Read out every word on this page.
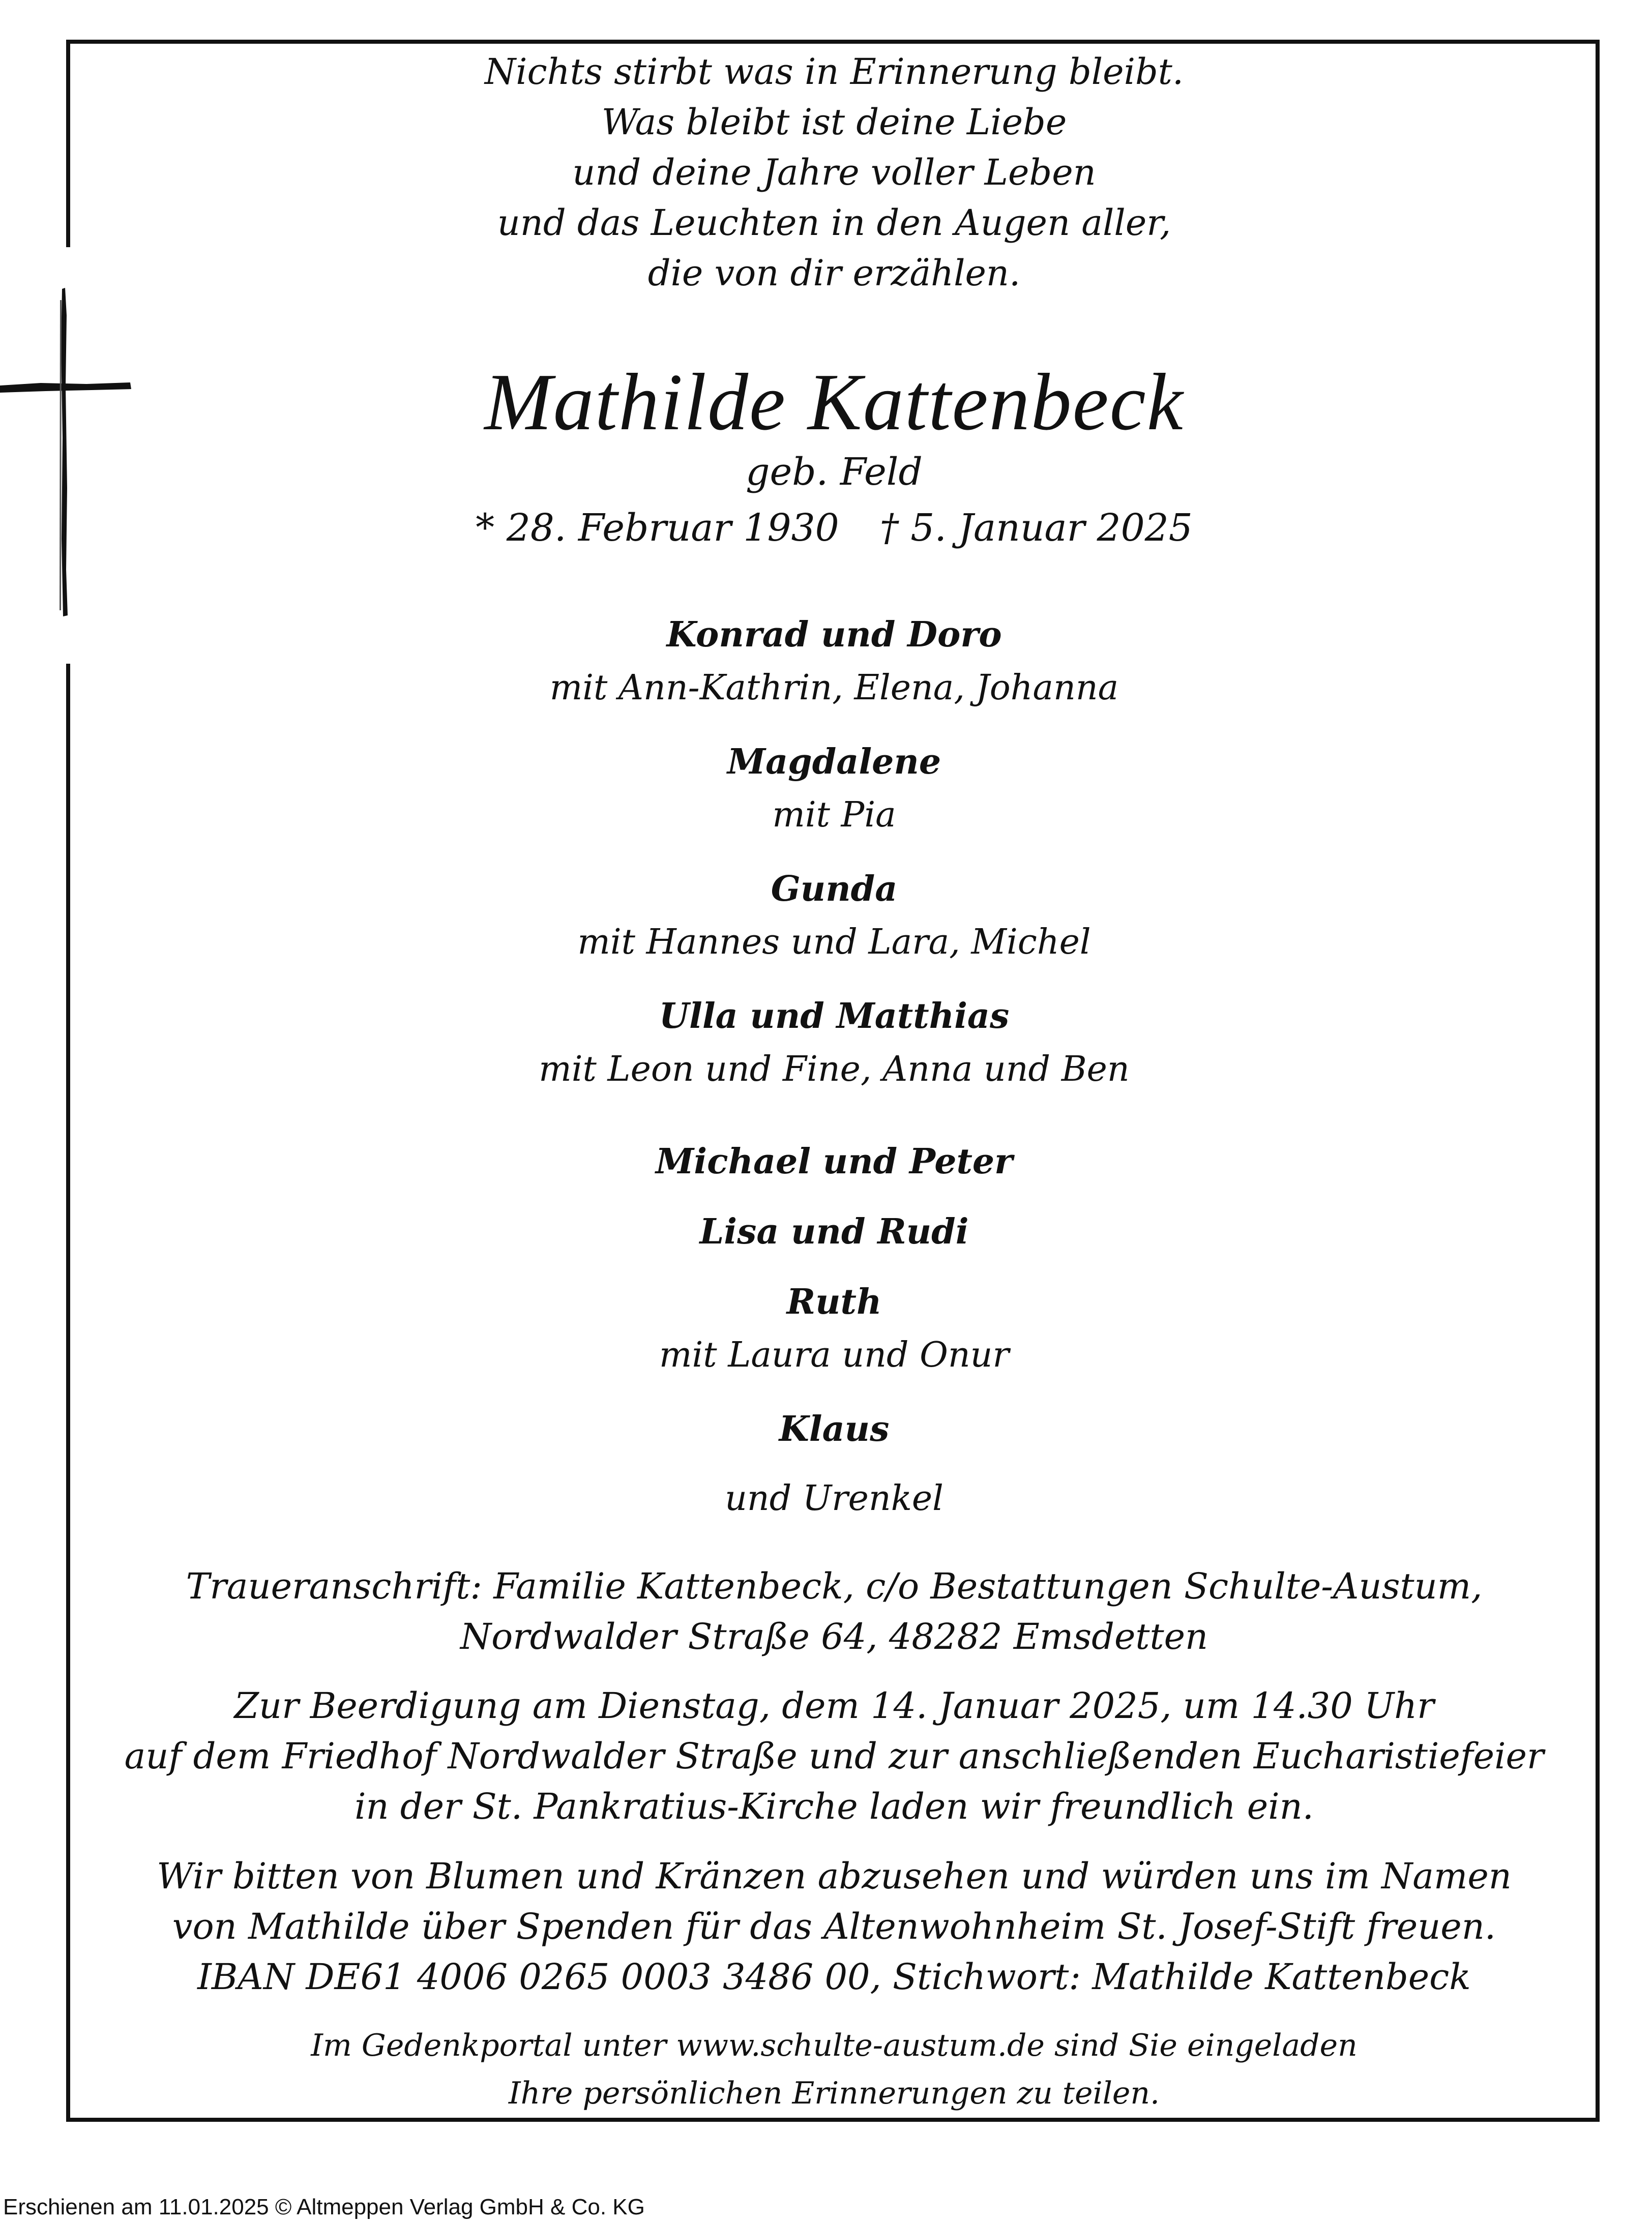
Nichts stirbt was in Erinnerung bleibt.
Was bleibt ist deine Liebe
und deine Jahre voller Leben
und das Leuchten in den Augen aller,
die von dir erzählen.
Mathilde Kattenbeck
geb. Feld
* 28. Februar 1930 † 5. Januar 2025
Konrad und Doro
mit Ann-Kathrin, Elena, Johanna
Magdalene
mit Pia
Gunda
mit Hannes und Lara, Michel
Ulla und Matthias
mit Leon und Fine, Anna und Ben
Michael und Peter
Lisa und Rudi
Ruth
mit Laura und Onur
Klaus
und Urenkel
Traueranschrift: Familie Kattenbeck, c/o Bestattungen Schulte-Austum,
Nordwalder Straße 64, 48282 Emsdetten
Zur Beerdigung am Dienstag, dem 14. Januar 2025, um 14.30 Uhr
auf dem Friedhof Nordwalder Straße und zur anschließenden Eucharistiefeier
in der St. Pankratius-Kirche laden wir freundlich ein.
Wir bitten von Blumen und Kränzen abzusehen und würden uns im Namen
von Mathilde über Spenden für das Altenwohnheim St. Josef-Stift freuen.
IBAN DE61 4006 0265 0003 3486 00, Stichwort: Mathilde Kattenbeck
Im Gedenkportal unter www.schulte-austum.de sind Sie eingeladen
Ihre persönlichen Erinnerungen zu teilen.
Erschienen am 11.01.2025 © Altmeppen Verlag GmbH & Co. KG
